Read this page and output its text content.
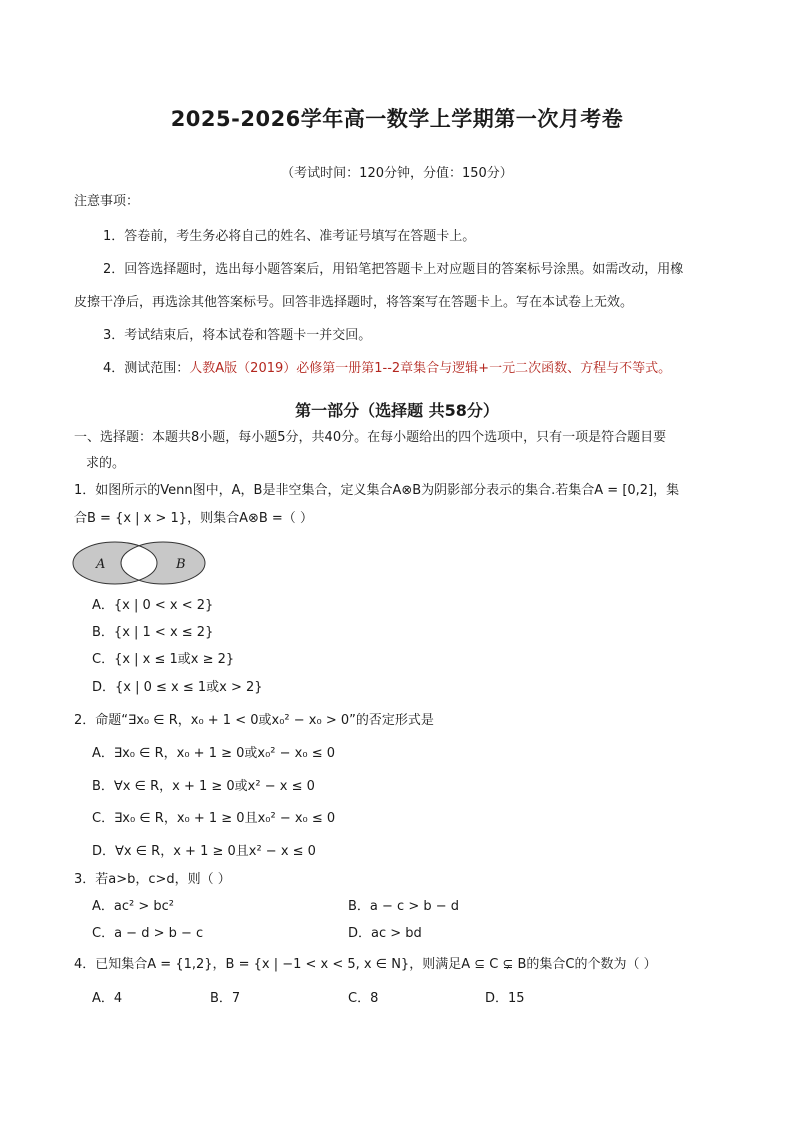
2025-2026学年高一数学上学期第一次月考卷
（考试时间：120分钟，分值：150分）
注意事项：
1．答卷前，考生务必将自己的姓名、准考证号填写在答题卡上。
2．回答选择题时，选出每小题答案后，用铅笔把答题卡上对应题目的答案标号涂黑。如需改动，用橡
皮擦干净后，再选涂其他答案标号。回答非选择题时，将答案写在答题卡上。写在本试卷上无效。
3．考试结束后，将本试卷和答题卡一并交回。
4．测试范围：人教A版（2019）必修第一册第1--2章集合与逻辑+一元二次函数、方程与不等式。
第一部分（选择题 共58分）
一、选择题：本题共8小题，每小题5分，共40分。在每小题给出的四个选项中，只有一项是符合题目要
求的。
1．如图所示的Venn图中，A，B是非空集合，定义集合A⊗B为阴影部分表示的集合.若集合A = [0,2]，集
合B = {x | x > 1}，则集合A⊗B =（ ）
A	B
A．{x | 0 < x < 2}
B．{x | 1 < x ≤ 2}
C．{x | x ≤ 1或x ≥ 2}
D．{x | 0 ≤ x ≤ 1或x > 2}
2．命题“∃x₀ ∈ R，x₀ + 1 < 0或x₀² − x₀ > 0”的否定形式是
A．∃x₀ ∈ R，x₀ + 1 ≥ 0或x₀² − x₀ ≤ 0
B．∀x ∈ R，x + 1 ≥ 0或x² − x ≤ 0
C．∃x₀ ∈ R，x₀ + 1 ≥ 0且x₀² − x₀ ≤ 0
D．∀x ∈ R，x + 1 ≥ 0且x² − x ≤ 0
3．若a>b，c>d，则（ ）
A．ac² > bc²	B．a − c > b − d
C．a − d > b − c	D．ac > bd
4．已知集合A = {1,2}，B = {x | −1 < x < 5, x ∈ N}，则满足A ⊆ C ⊊ B的集合C的个数为（ ）
A．4	B．7	C．8	D．15
